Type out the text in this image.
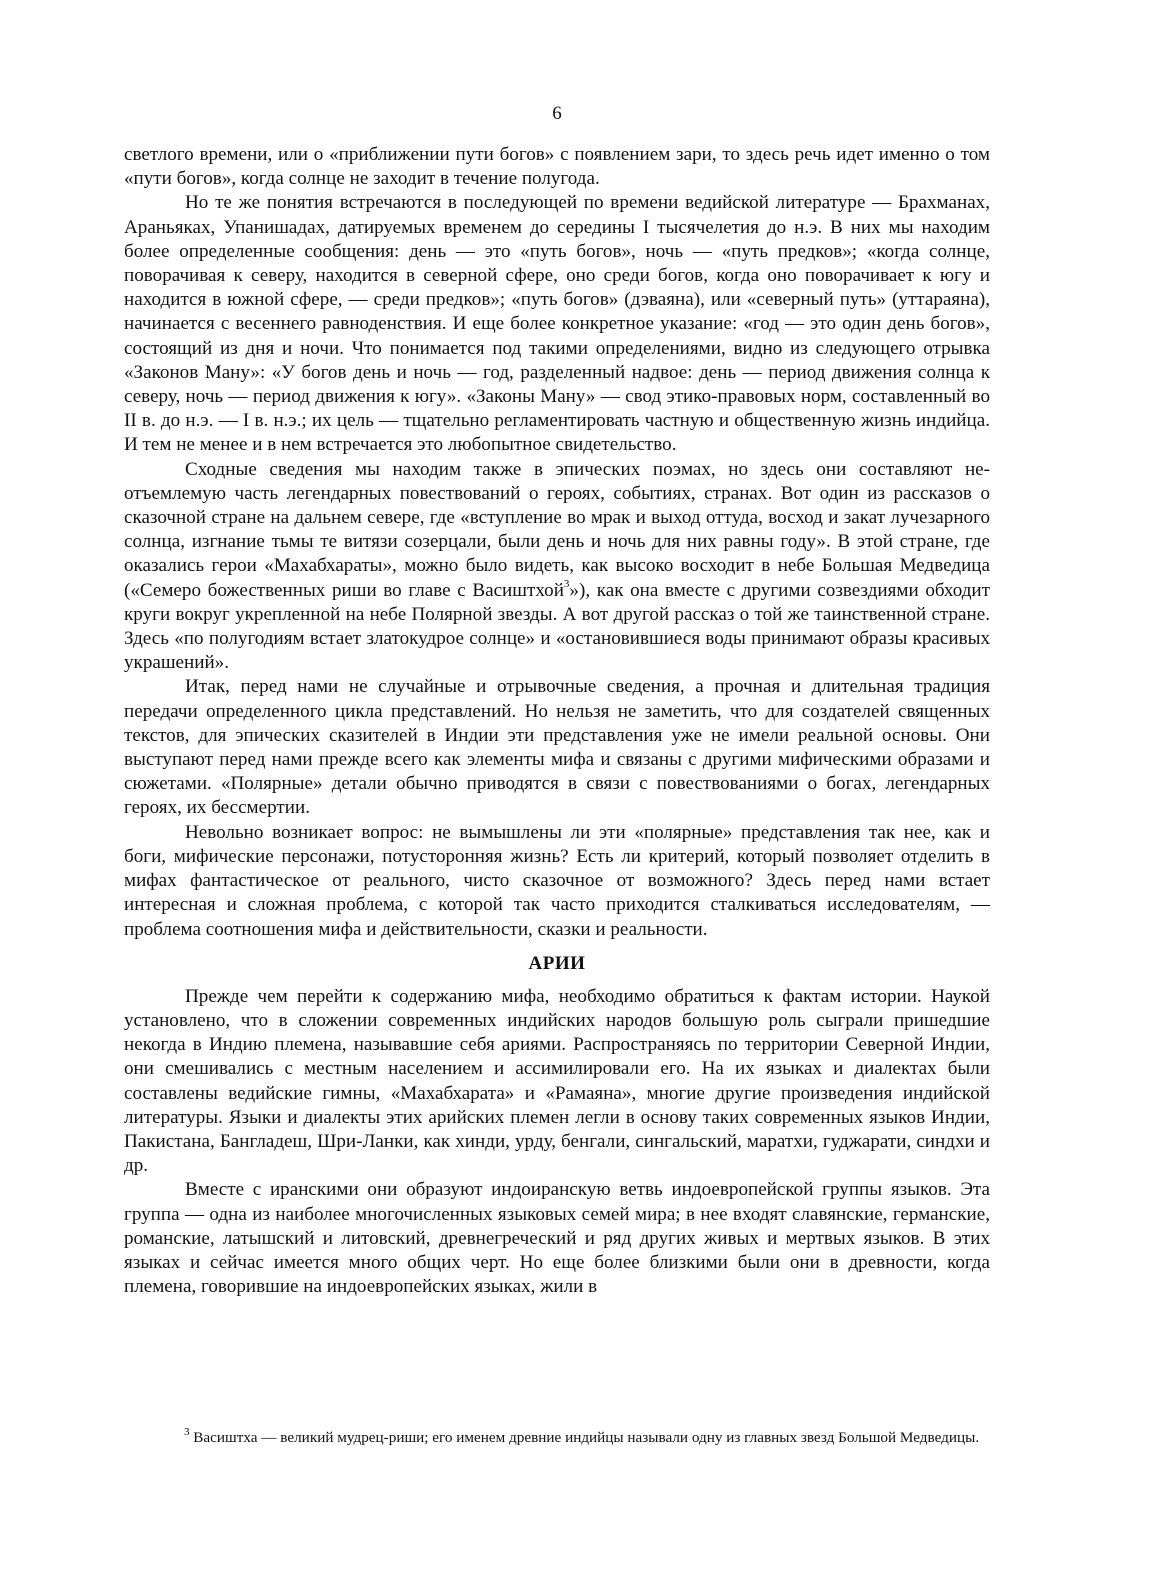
6

светлого времени, или о «приближении пути богов» с появлением зари, то здесь речь идет именно о том «пути богов», когда солнце не заходит в течение полугода.

Но те же понятия встречаются в последующей по времени ведийской литературе — Брахманах, Араньяках, Упанишадах, датируемых временем до середины I тысячелетия до н.э. В них мы находим более определенные сообщения: день — это «путь богов», ночь — «путь предков»; «когда солнце, поворачивая к северу, находится в северной сфере, оно среди богов, когда оно поворачивает к югу и находится в южной сфере, — среди предков»; «путь богов» (дэваяна), или «северный путь» (уттараяна), начинается с весеннего равноденствия. И еще более конкретное указание: «год — это один день богов», состоящий из дня и ночи. Что понимается под такими определениями, видно из следующего отрывка «Законов Ману»: «У богов день и ночь — год, разделенный надвое: день — период движения солнца к северу, ночь — период движения к югу». «Законы Ману» — свод этико-правовых норм, составленный во II в. до н.э. — I в. н.э.; их цель — тщательно регламентировать частную и общественную жизнь индийца. И тем не менее и в нем встречается это любопытное свидетельство.

Сходные сведения мы находим также в эпических поэмах, но здесь они составляют неотъемлемую часть легендарных повествований о героях, событиях, странах. Вот один из рассказов о сказочной стране на дальнем севере, где «вступление во мрак и выход оттуда, восход и закат лучезарного солнца, изгнание тьмы те витязи созерцали, были день и ночь для них равны году». В этой стране, где оказались герои «Махабхараты», можно было видеть, как высоко восходит в небе Большая Медведица («Семеро божественных риши во главе с Васиштхой$^3$»), как она вместе с другими созвездиями обходит круги вокруг укрепленной на небе Полярной звезды. А вот другой рассказ о той же таинственной стране. Здесь «по полугодиям встает златокудрое солнце» и «остановившиеся воды принимают образы красивых украшений».

Итак, перед нами не случайные и отрывочные сведения, а прочная и длительная традиция передачи определенного цикла представлений. Но нельзя не заметить, что для создателей священных текстов, для эпических сказителей в Индии эти представления уже не имели реальной основы. Они выступают перед нами прежде всего как элементы мифа и связаны с другими мифическими образами и сюжетами. «Полярные» детали обычно приводятся в связи с повествованиями о богах, легендарных героях, их бессмертии.

Невольно возникает вопрос: не вымышлены ли эти «полярные» представления так нее, как и боги, мифические персонажи, потусторонняя жизнь? Есть ли критерий, который позволяет отделить в мифах фантастическое от реального, чисто сказочное от возможного? Здесь перед нами встает интересная и сложная проблема, с которой так часто приходится сталкиваться исследователям, — проблема соотношения мифа и действительности, сказки и реальности.

АРИИ

Прежде чем перейти к содержанию мифа, необходимо обратиться к фактам истории. Наукой установлено, что в сложении современных индийских народов большую роль сыграли пришедшие некогда в Индию племена, называвшие себя ариями. Распространяясь по территории Северной Индии, они смешивались с местным населением и ассимилировали его. На их языках и диалектах были составлены ведийские гимны, «Махабхарата» и «Рамаяна», многие другие произведения индийской литературы. Языки и диалекты этих арийских племен легли в основу таких современных языков Индии, Пакистана, Бангладеш, Шри-Ланки, как хинди, урду, бенгали, сингальский, маратхи, гуджарати, синдхи и др.

Вместе с иранскими они образуют индоиранскую ветвь индоевропейской группы языков. Эта группа — одна из наиболее многочисленных языковых семей мира; в нее входят славянские, германские, романские, латышский и литовский, древнегреческий и ряд других живых и мертвых языков. В этих языках и сейчас имеется много общих черт. Но еще более близкими были они в древности, когда племена, говорившие на индоевропейских языках, жили в

$^3$ Васиштха — великий мудрец-риши; его именем древние индийцы называли одну из главных звезд Большой Медведицы.
